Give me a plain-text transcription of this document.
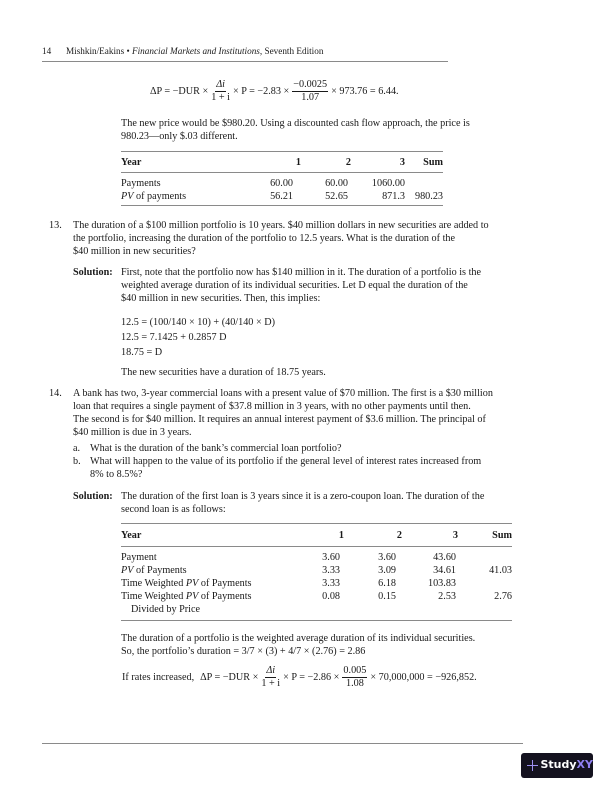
14 Mishkin/Eakins • Financial Markets and Institutions, Seventh Edition
$\Delta P = -DUR \times \frac{\Delta i}{1 + i} \times P = -2.83 \times \frac{-0.0025}{1.07} \times 973.76 = 6.44$.
The new price would be $980.20. Using a discounted cash flow approach, the price is
980.23—only $.03 different.
Year	1	2	3	Sum
Payments	60.00	60.00	1060.00	
PV of payments	56.21	52.65	871.3	980.23
13.	The duration of a $100 million portfolio is 10 years. $40 million dollars in new securities are added to
the portfolio, increasing the duration of the portfolio to 12.5 years. What is the duration of the
$40 million in new securities?
Solution: First, note that the portfolio now has $140 million in it. The duration of a portfolio is the
weighted average duration of its individual securities. Let D equal the duration of the
$40 million in new securities. Then, this implies:
12.5 = (100/140 × 10) + (40/140 × D)
12.5 = 7.1425 + 0.2857 D
18.75 = D
The new securities have a duration of 18.75 years.
14.	A bank has two, 3-year commercial loans with a present value of $70 million. The first is a $30 million
loan that requires a single payment of $37.8 million in 3 years, with no other payments until then.
The second is for $40 million. It requires an annual interest payment of $3.6 million. The principal of
$40 million is due in 3 years.
a. What is the duration of the bank’s commercial loan portfolio?
b. What will happen to the value of its portfolio if the general level of interest rates increased from
8% to 8.5%?
Solution: The duration of the first loan is 3 years since it is a zero-coupon loan. The duration of the
second loan is as follows:
Year	1	2	3	Sum
Payment	3.60	3.60	43.60	
PV of Payments	3.33	3.09	34.61	41.03
Time Weighted PV of Payments	3.33	6.18	103.83	
Time Weighted PV of Payments
Divided by Price	0.08	0.15	2.53	2.76
The duration of a portfolio is the weighted average duration of its individual securities.
So, the portfolio’s duration = 3/7 × (3) + 4/7 × (2.76) = 2.86
If rates increased, $\Delta P = -DUR \times \frac{\Delta i}{1 + i} \times P = -2.86 \times \frac{0.005}{1.08} \times 70,000,000 = -926,852$.
Study XY
